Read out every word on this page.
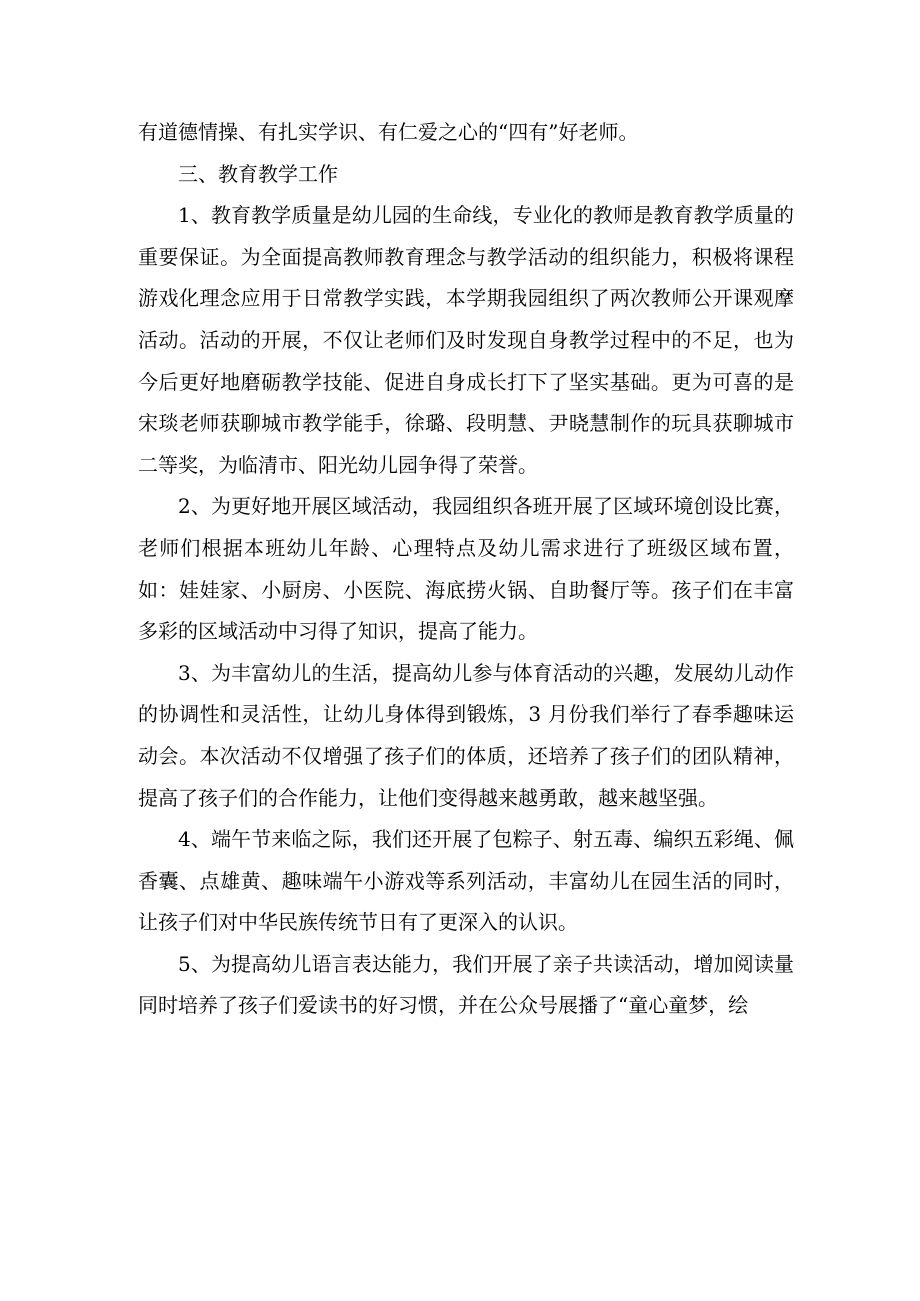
有道德情操、有扎实学识、有仁爱之心的“四有”好老师。

三、教育教学工作

1、教育教学质量是幼儿园的生命线，专业化的教师是教育教学质量的重要保证。为全面提高教师教育理念与教学活动的组织能力，积极将课程游戏化理念应用于日常教学实践，本学期我园组织了两次教师公开课观摩活动。活动的开展，不仅让老师们及时发现自身教学过程中的不足，也为今后更好地磨砺教学技能、促进自身成长打下了坚实基础。更为可喜的是宋琰老师获聊城市教学能手，徐璐、段明慧、尹晓慧制作的玩具获聊城市二等奖，为临清市、阳光幼儿园争得了荣誉。

2、为更好地开展区域活动，我园组织各班开展了区域环境创设比赛，老师们根据本班幼儿年龄、心理特点及幼儿需求进行了班级区域布置，如：娃娃家、小厨房、小医院、海底捞火锅、自助餐厅等。孩子们在丰富多彩的区域活动中习得了知识，提高了能力。

3、为丰富幼儿的生活，提高幼儿参与体育活动的兴趣，发展幼儿动作的协调性和灵活性，让幼儿身体得到锻炼，3 月份我们举行了春季趣味运动会。本次活动不仅增强了孩子们的体质，还培养了孩子们的团队精神，提高了孩子们的合作能力，让他们变得越来越勇敢，越来越坚强。

4、端午节来临之际，我们还开展了包粽子、射五毒、编织五彩绳、佩香囊、点雄黄、趣味端午小游戏等系列活动，丰富幼儿在园生活的同时，让孩子们对中华民族传统节日有了更深入的认识。

5、为提高幼儿语言表达能力，我们开展了亲子共读活动，增加阅读量同时培养了孩子们爱读书的好习惯，并在公众号展播了“童心童梦，绘
